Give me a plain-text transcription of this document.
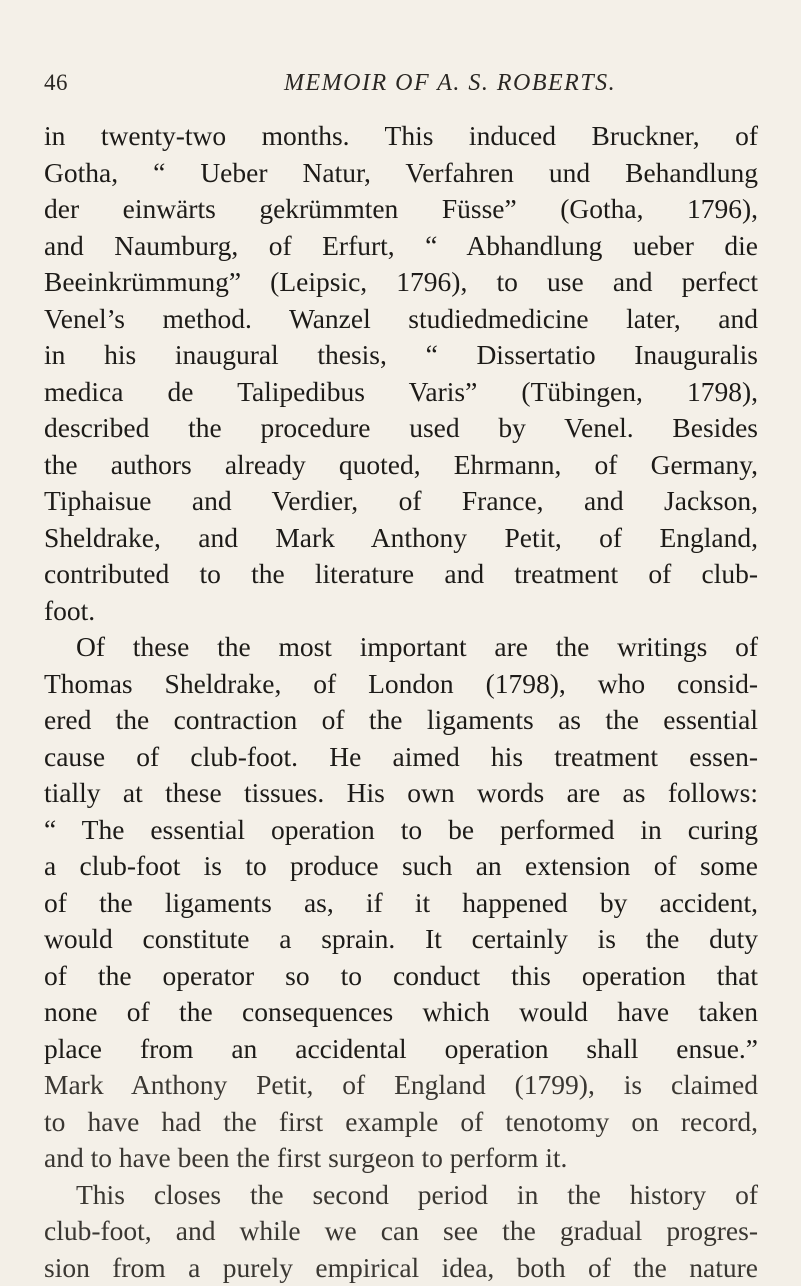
46	MEMOIR OF A. S. ROBERTS.
in twenty-two months. This induced Bruckner, of
Gotha, “ Ueber Natur, Verfahren und Behandlung
der einwärts gekrümmten Füsse” (Gotha, 1796),
and Naumburg, of Erfurt, “ Abhandlung ueber die
Beeinkrümmung” (Leipsic, 1796), to use and perfect
Venel’s method. Wanzel studiedmedicine later, and
in his inaugural thesis, “ Dissertatio Inauguralis
medica de Talipedibus Varis” (Tübingen, 1798),
described the procedure used by Venel. Besides
the authors already quoted, Ehrmann, of Germany,
Tiphaisue and Verdier, of France, and Jackson,
Sheldrake, and Mark Anthony Petit, of England,
contributed to the literature and treatment of club-
foot.
Of these the most important are the writings of
Thomas Sheldrake, of London (1798), who consid-
ered the contraction of the ligaments as the essential
cause of club-foot. He aimed his treatment essen-
tially at these tissues. His own words are as follows:
“ The essential operation to be performed in curing
a club-foot is to produce such an extension of some
of the ligaments as, if it happened by accident,
would constitute a sprain. It certainly is the duty
of the operator so to conduct this operation that
none of the consequences which would have taken
place from an accidental operation shall ensue.”
Mark Anthony Petit, of England (1799), is claimed
to have had the first example of tenotomy on record,
and to have been the first surgeon to perform it.
This closes the second period in the history of
club-foot, and while we can see the gradual progres-
sion from a purely empirical idea, both of the nature
